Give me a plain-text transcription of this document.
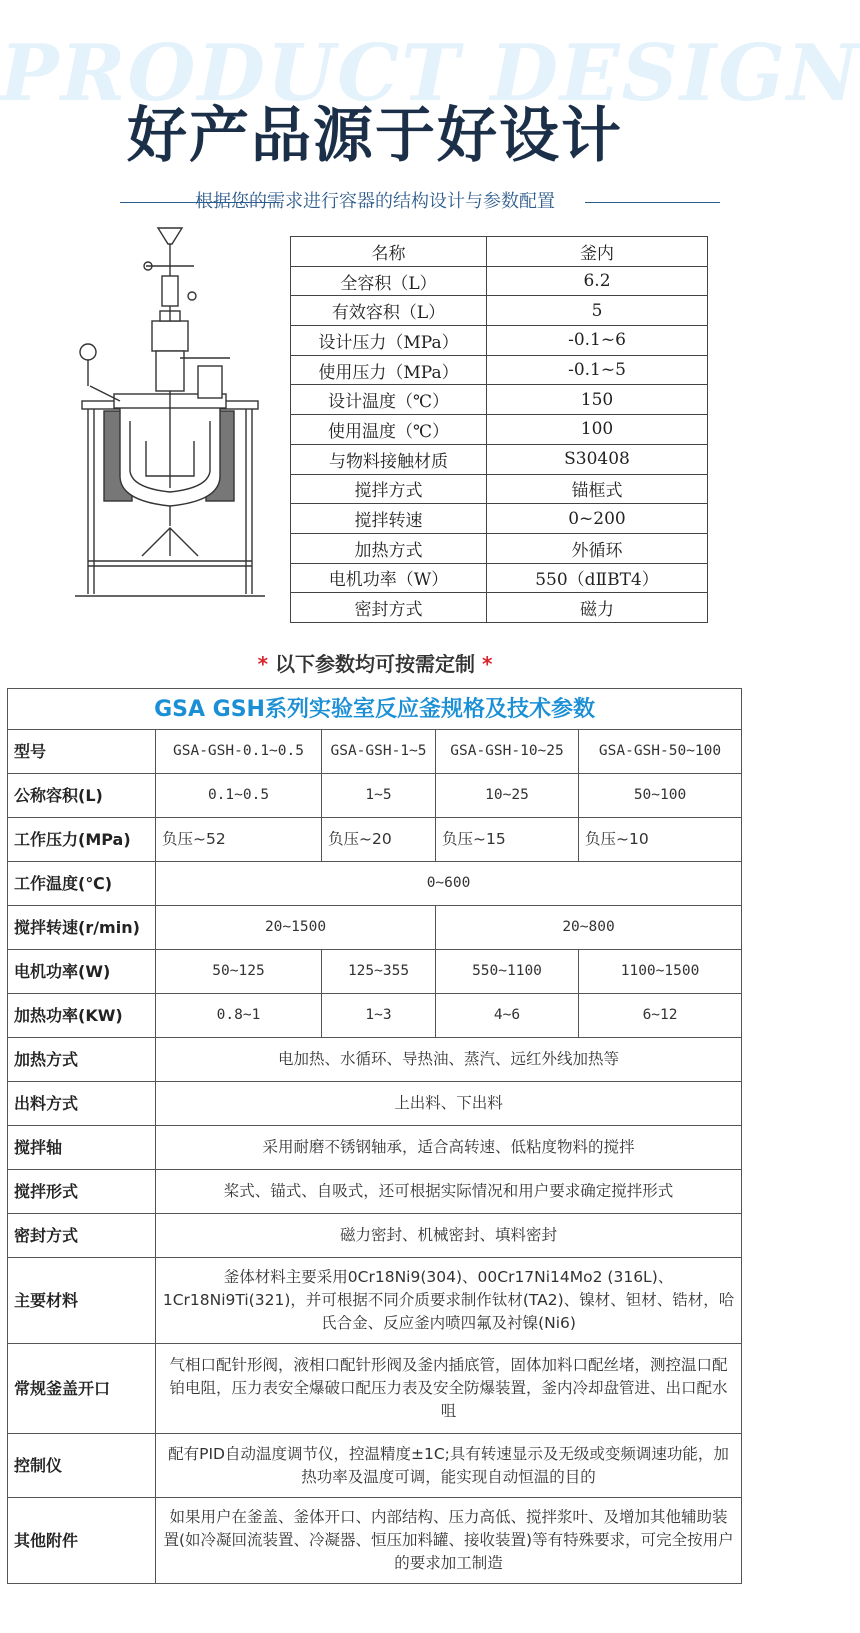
PRODUCT DESIGN
好产品源于好设计
根据您的需求进行容器的结构设计与参数配置
名称	釜内
全容积（L）	6.2
有效容积（L）	5
设计压力（MPa）	-0.1~6
使用压力（MPa）	-0.1~5
设计温度（℃）	150
使用温度（℃）	100
与物料接触材质	S30408
搅拌方式	锚框式
搅拌转速	0~200
加热方式	外循环
电机功率（W）	550（dⅡBT4）
密封方式	磁力
* 以下参数均可按需定制 *
GSA GSH系列实验室反应釜规格及技术参数				
型号	GSA-GSH-0.1~0.5	GSA-GSH-1~5	GSA-GSH-10~25	GSA-GSH-50~100
公称容积(L)	0.1~0.5	1~5	10~25	50~100
工作压力(MPa)	负压~52	负压~20	负压~15	负压~10
工作温度(℃)	0~600			
搅拌转速(r/min)	20~1500		20~800	
电机功率(W)	50~125	125~355	550~1100	1100~1500
加热功率(KW)	0.8~1	1~3	4~6	6~12
加热方式	电加热、水循环、导热油、蒸汽、远红外线加热等			
出料方式	上出料、下出料			
搅拌轴	采用耐磨不锈钢轴承，适合高转速、低粘度物料的搅拌			
搅拌形式	桨式、锚式、自吸式，还可根据实际情况和用户要求确定搅拌形式			
密封方式	磁力密封、机械密封、填料密封			
主要材料	釜体材料主要采用0Cr18Ni9(304)、00Cr17Ni14Mo2 (316L)、1Cr18Ni9Ti(321)，并可根据不同介质要求制作钛材(TA2)、镍材、钽材、锆材，哈氏合金、反应釜内喷四氟及衬镍(Ni6)			
常规釜盖开口	气相口配针形阀，液相口配针形阀及釜内插底管，固体加料口配丝堵，测控温口配铂电阻，压力表安全爆破口配压力表及安全防爆装置，釜内冷却盘管进、出口配水咀			
控制仪	配有PID自动温度调节仪，控温精度±1C;具有转速显示及无级或变频调速功能，加热功率及温度可调，能实现自动恒温的目的			
其他附件	如果用户在釜盖、釜体开口、内部结构、压力高低、搅拌浆叶、及增加其他辅助装置(如冷凝回流装置、冷凝器、恒压加料罐、接收装置)等有特殊要求，可完全按用户的要求加工制造			
